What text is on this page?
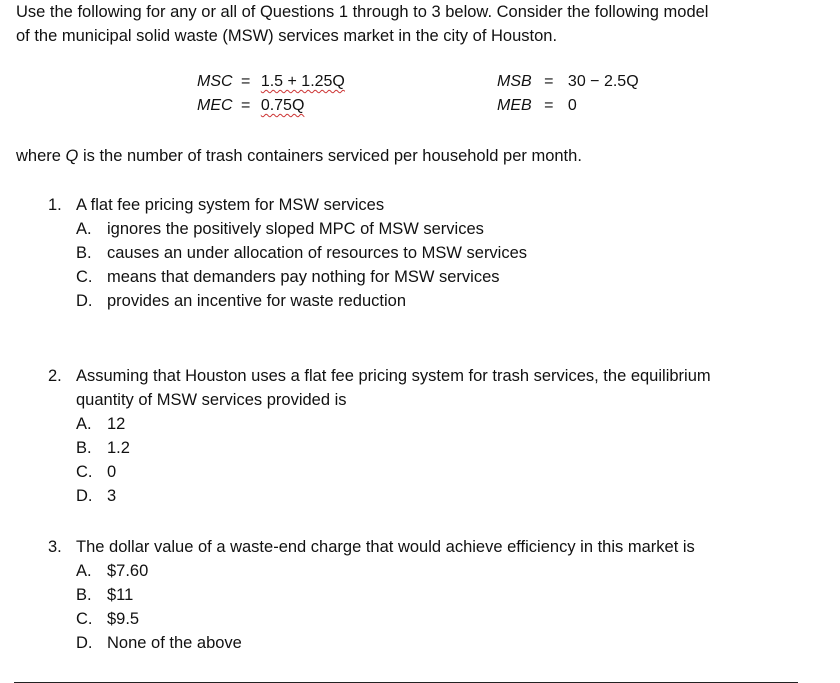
Use the following for any or all of Questions 1 through to 3 below. Consider the following model
of the municipal solid waste (MSW) services market in the city of Houston.
MSC = 1.5 + 1.25Q
MEC = 0.75Q
MSB = 30 − 2.5Q
MEB = 0
where Q is the number of trash containers serviced per household per month.
1. A flat fee pricing system for MSW services
A. ignores the positively sloped MPC of MSW services
B. causes an under allocation of resources to MSW services
C. means that demanders pay nothing for MSW services
D. provides an incentive for waste reduction
2. Assuming that Houston uses a flat fee pricing system for trash services, the equilibrium
quantity of MSW services provided is
A. 12
B. 1.2
C. 0
D. 3
3. The dollar value of a waste-end charge that would achieve efficiency in this market is
A. $7.60
B. $11
C. $9.5
D. None of the above
